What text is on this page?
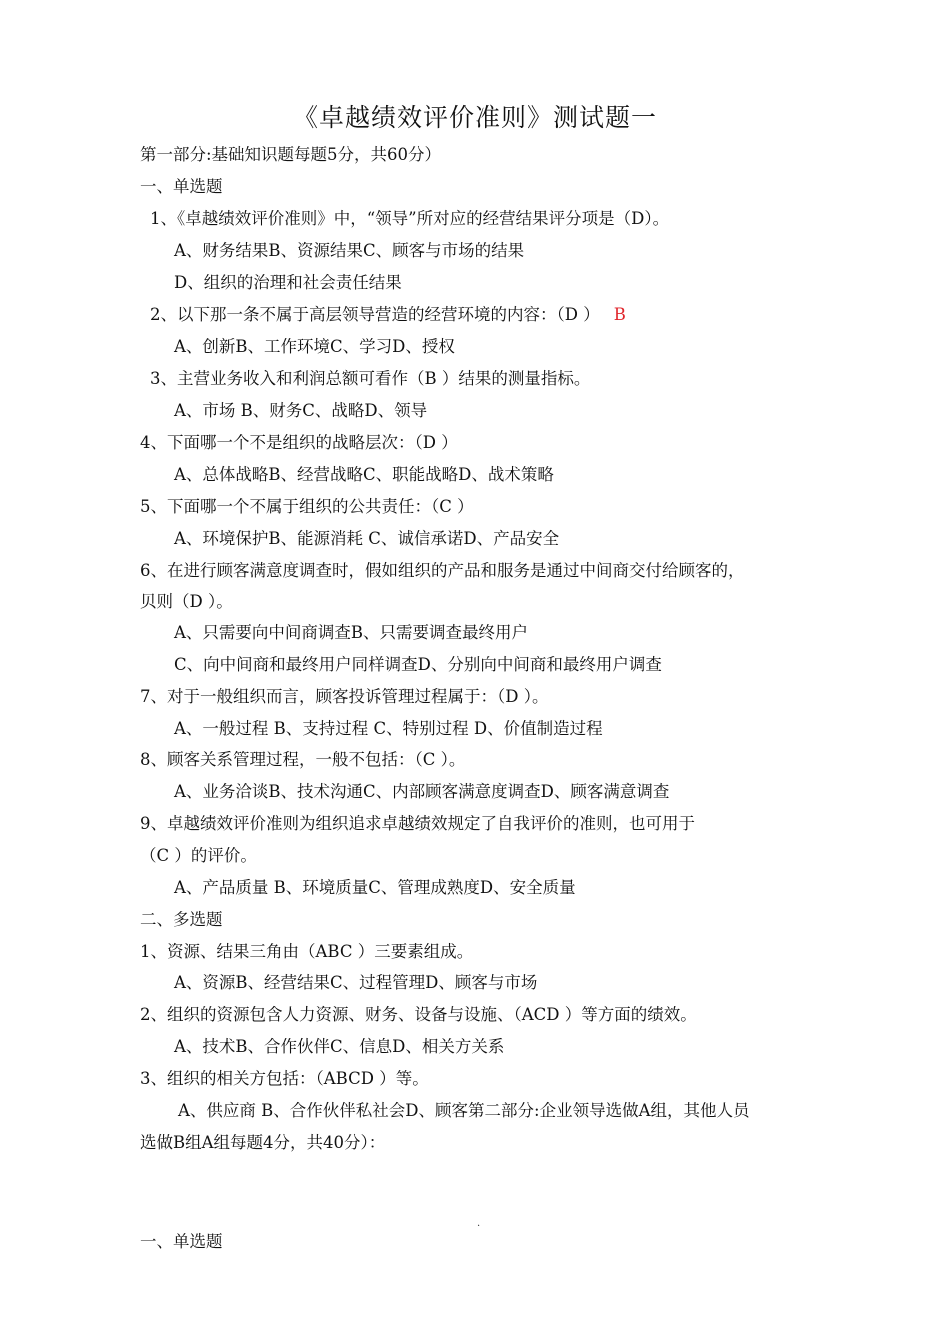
《卓越绩效评价准则》测试题一
第一部分:基础知识题每题5分，共60分）
一、单选题
1、《卓越绩效评价准则》中，“领导”所对应的经营结果评分项是（D）。
A、财务结果B、资源结果C、顾客与市场的结果
D、组织的治理和社会责任结果
2、以下那一条不属于高层领导营造的经营环境的内容：（D ） B
A、创新B、工作环境C、学习D、授权
3、主营业务收入和利润总额可看作（B ）结果的测量指标。
A、市场 B、财务C、战略D、领导
4、下面哪一个不是组织的战略层次：（D ）
A、总体战略B、经营战略C、职能战略D、战术策略
5、下面哪一个不属于组织的公共责任：（C ）
A、环境保护B、能源消耗 C、诚信承诺D、产品安全
6、在进行顾客满意度调查时，假如组织的产品和服务是通过中间商交付给顾客的，
贝则（D ）。
A、只需要向中间商调查B、只需要调查最终用户
C、向中间商和最终用户同样调查D、分别向中间商和最终用户调查
7、对于一般组织而言，顾客投诉管理过程属于：（D ）。
A、一般过程 B、支持过程 C、特别过程 D、价值制造过程
8、顾客关系管理过程，一般不包括：（C ）。
A、业务洽谈B、技术沟通C、内部顾客满意度调查D、顾客满意调查
9、卓越绩效评价准则为组织追求卓越绩效规定了自我评价的准则，也可用于
（C ）的评价。
A、产品质量 B、环境质量C、管理成熟度D、安全质量
二、多选题
1、资源、结果三角由（ABC ）三要素组成。
A、资源B、经营结果C、过程管理D、顾客与市场
2、组织的资源包含人力资源、财务、设备与设施、（ACD ）等方面的绩效。
A、技术B、合作伙伴C、信息D、相关方关系
3、组织的相关方包括：（ABCD ）等。
A、供应商 B、合作伙伴私社会D、顾客第二部分:企业领导选做A组，其他人员
选做B组A组每题4分，共40分）：
.
一、单选题
